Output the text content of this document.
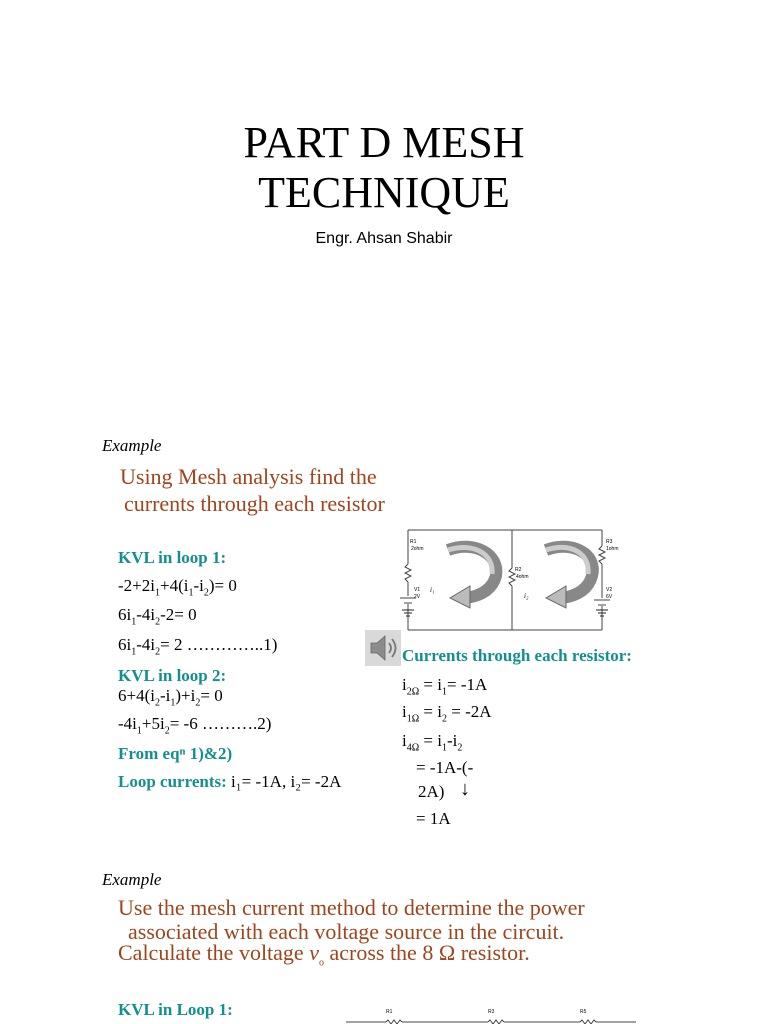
PART D MESH
TECHNIQUE
Engr. Ahsan Shabir
Example
Using Mesh analysis find the
currents through each resistor
KVL in loop 1:
$-2+2i_1+4(i_1-i_2)= 0$
$6i_1-4i_2-2= 0$
$6i_1-4i_2= 2$ …………..1)
KVL in loop 2:
$6+4(i_2-i_1)+i_2= 0$
$-4i_1+5i_2= -6$ ……….2)
From eqⁿ 1)&2)
Loop currents: i₁= -1A, i₂= -2A
R1
2ohm
R2
4ohm
R3
1ohm
V1
2V
V2
6V
i₁
i₂
Currents through each resistor:
$i_{2\Omega} = i_1= -1A$
$i_{1\Omega} = i_2 = -2A$
$i_{4\Omega} = i_1-i_2$
= -1A-(-
2A) ↓
= 1A
Example
Use the mesh current method to determine the power
associated with each voltage source in the circuit.
Calculate the voltage $v_o$ across the 8 Ω resistor.
KVL in Loop 1:	R1	R3	R5
